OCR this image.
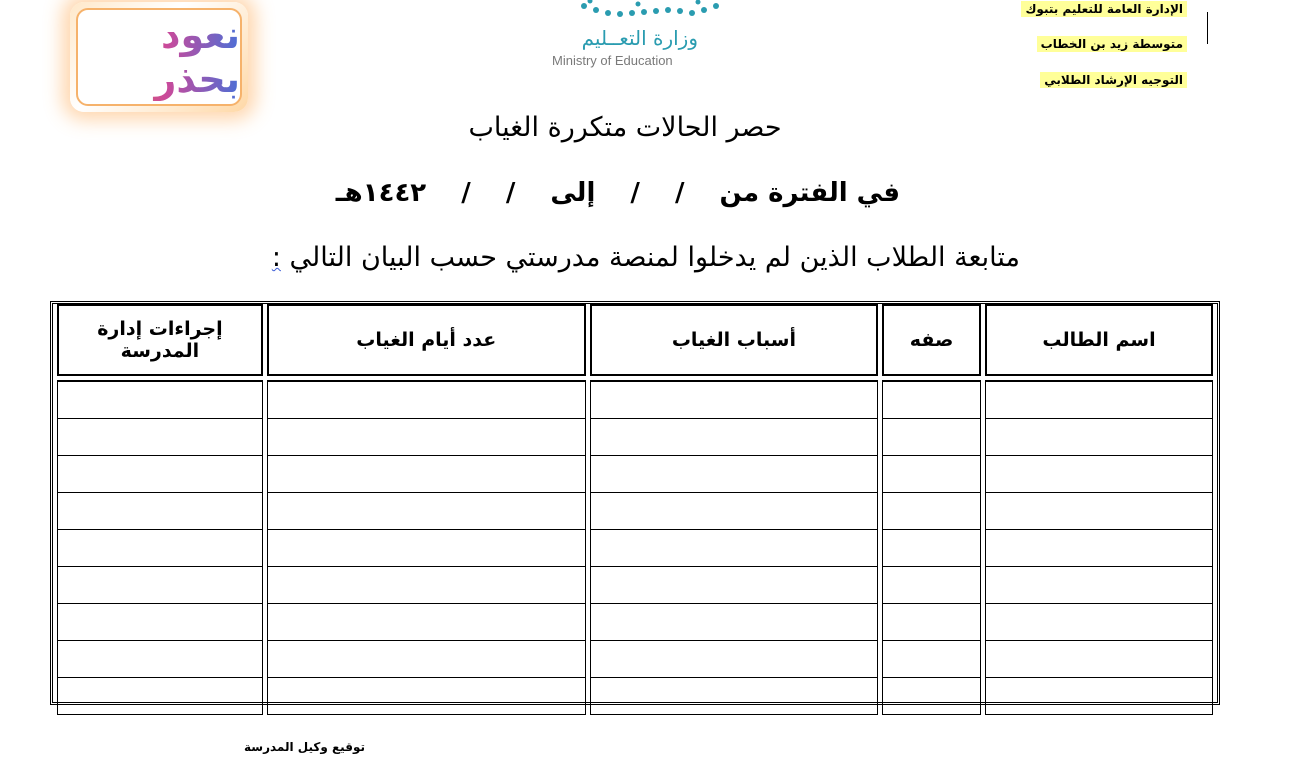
الإدارة العامة للتعليم بتبوك
متوسطة زيد بن الخطاب
التوجيه الإرشاد الطلابي
وزارة التعــليم
Ministry of Education
نعود بحذر
حصر الحالات متكررة الغياب
في الفترة من / / إلى / / ١٤٤٢هـ
متابعة الطلاب الذين لم يدخلوا لمنصة مدرستي حسب البيان التالي :
اسم الطالب	صفه	أسباب الغياب	عدد أيام الغياب	إجراءات إدارة المدرسة

توقيع وكيل المدرسة
